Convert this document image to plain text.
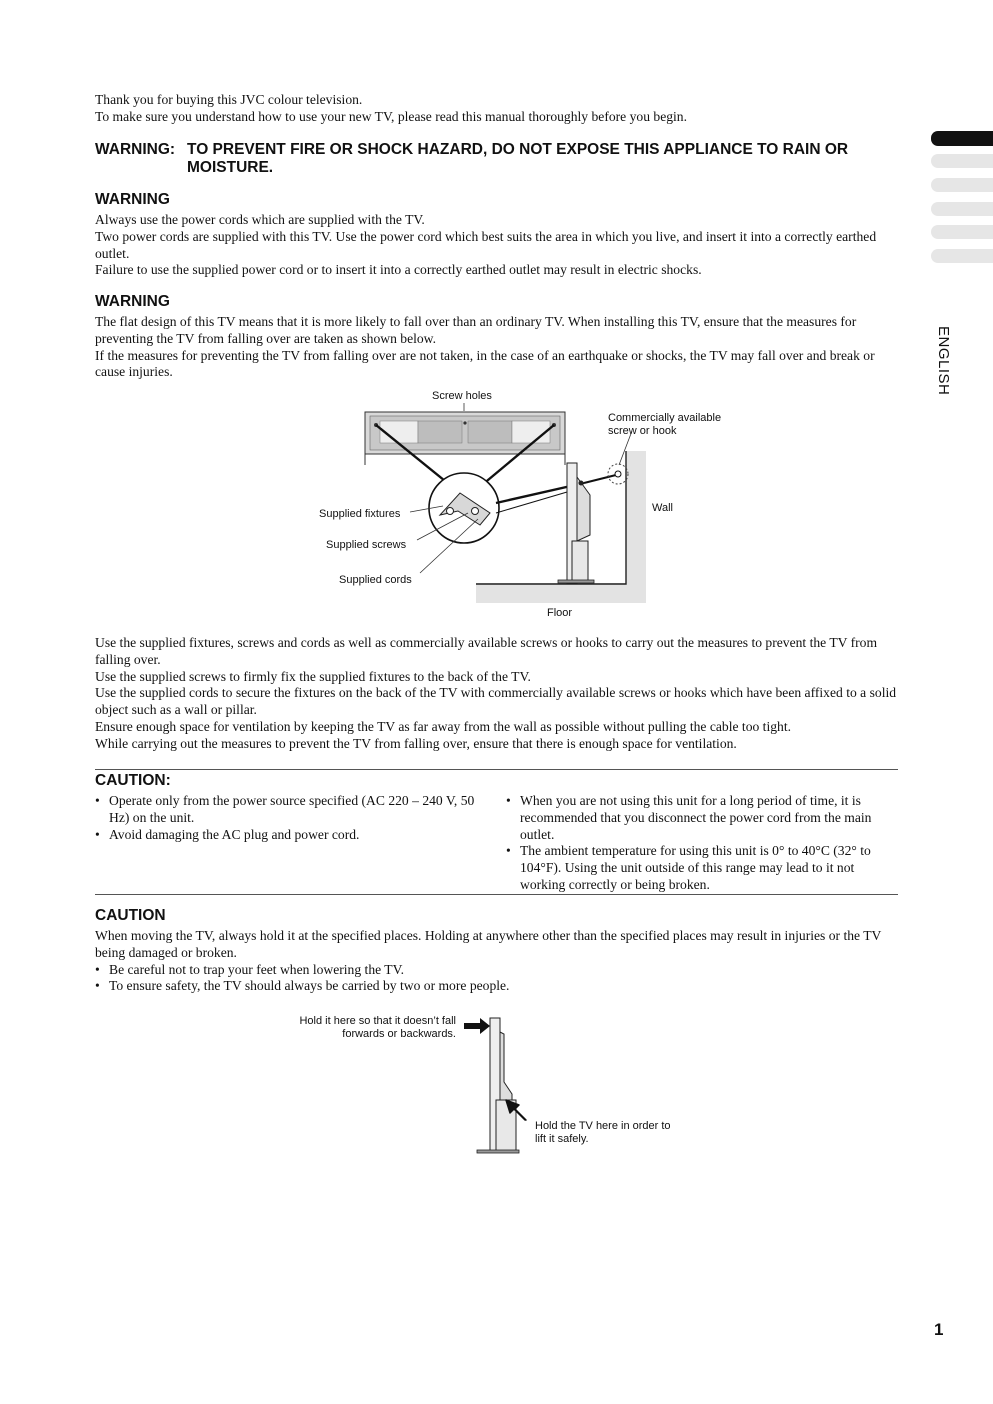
Thank you for buying this JVC colour television.

To make sure you understand how to use your new TV, please read this manual thoroughly before you begin.

WARNING: TO PREVENT FIRE OR SHOCK HAZARD, DO NOT EXPOSE THIS APPLIANCE TO RAIN OR
MOISTURE.
WARNING

Always use the power cords which are supplied with the TV.

Two power cords are supplied with this TV. Use the power cord which best suits the area in which you live, and insert it into a correctly earthed outlet.

Failure to use the supplied power cord or to insert it into a correctly earthed outlet may result in electric shocks.

WARNING

The flat design of this TV means that it is more likely to fall over than an ordinary TV. When installing this TV, ensure that the measures for preventing the TV from falling over are taken as shown below.

If the measures for preventing the TV from falling over are not taken, in the case of an earthquake or shocks, the TV may fall over and break or cause injuries.

Screw holes
Commercially available
screw or hook
Wall
Supplied fixtures
Supplied screws
Supplied cords
Floor

Use the supplied fixtures, screws and cords as well as commercially available screws or hooks to carry out the measures to prevent the TV from falling over.

Use the supplied screws to firmly fix the supplied fixtures to the back of the TV.

Use the supplied cords to secure the fixtures on the back of the TV with commercially available screws or hooks which have been affixed to a solid object such as a wall or pillar.

Ensure enough space for ventilation by keeping the TV as far away from the wall as possible without pulling the cable too tight.

While carrying out the measures to prevent the TV from falling over, ensure that there is enough space for ventilation.

CAUTION:

• Operate only from the power source specified (AC 220 – 240 V, 50 Hz) on the unit.

• Avoid damaging the AC plug and power cord.

• When you are not using this unit for a long period of time, it is recommended that you disconnect the power cord from the main outlet.

• The ambient temperature for using this unit is 0° to 40°C (32° to 104°F). Using the unit outside of this range may lead to it not working correctly or being broken.

CAUTION

When moving the TV, always hold it at the specified places. Holding at anywhere other than the specified places may result in injuries or the TV being damaged or broken.

• Be careful not to trap your feet when lowering the TV.

• To ensure safety, the TV should always be carried by two or more people.

Hold it here so that it doesn’t fall
forwards or backwards.
Hold the TV here in order to
lift it safely.
ENGLISH
1
